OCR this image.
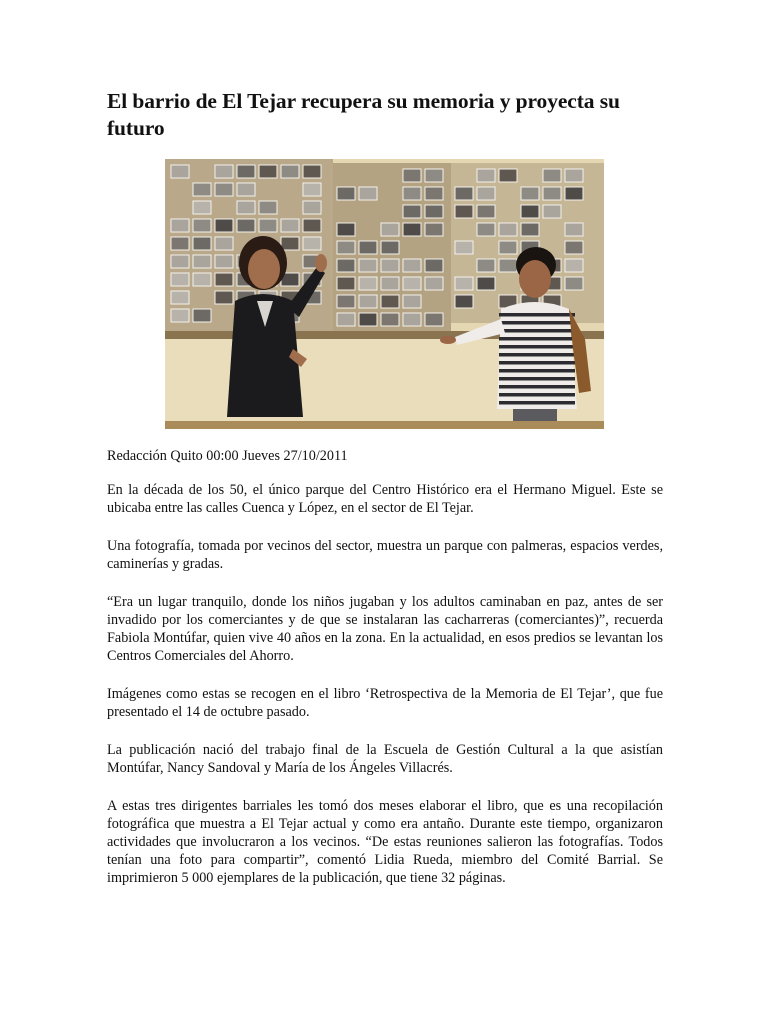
El barrio de El Tejar recupera su memoria y proyecta su futuro

Redacción Quito 00:00 Jueves 27/10/2011

En la década de los 50, el único parque del Centro Histórico era el Hermano Miguel. Este se ubicaba entre las calles Cuenca y López, en el sector de El Tejar.

Una fotografía, tomada por vecinos del sector, muestra un parque con palmeras, espacios verdes, caminerías y gradas.

“Era un lugar tranquilo, donde los niños jugaban y los adultos caminaban en paz, antes de ser invadido por los comerciantes y de que se instalaran las cacharreras (comerciantes)”, recuerda Fabiola Montúfar, quien vive 40 años en la zona. En la actualidad, en esos predios se levantan los Centros Comerciales del Ahorro.

Imágenes como estas se recogen en el libro ‘Retrospectiva de la Memoria de El Tejar’, que fue presentado el 14 de octubre pasado.

La publicación nació del trabajo final de la Escuela de Gestión Cultural a la que asistían Montúfar, Nancy Sandoval y María de los Ángeles Villacrés.

A estas tres dirigentes barriales les tomó dos meses elaborar el libro, que es una recopilación fotográfica que muestra a El Tejar actual y como era antaño. Durante este tiempo, organizaron actividades que involucraron a los vecinos. “De estas reuniones salieron las fotografías. Todos tenían una foto para compartir”, comentó Lidia Rueda, miembro del Comité Barrial. Se imprimieron 5 000 ejemplares de la publicación, que tiene 32 páginas.
